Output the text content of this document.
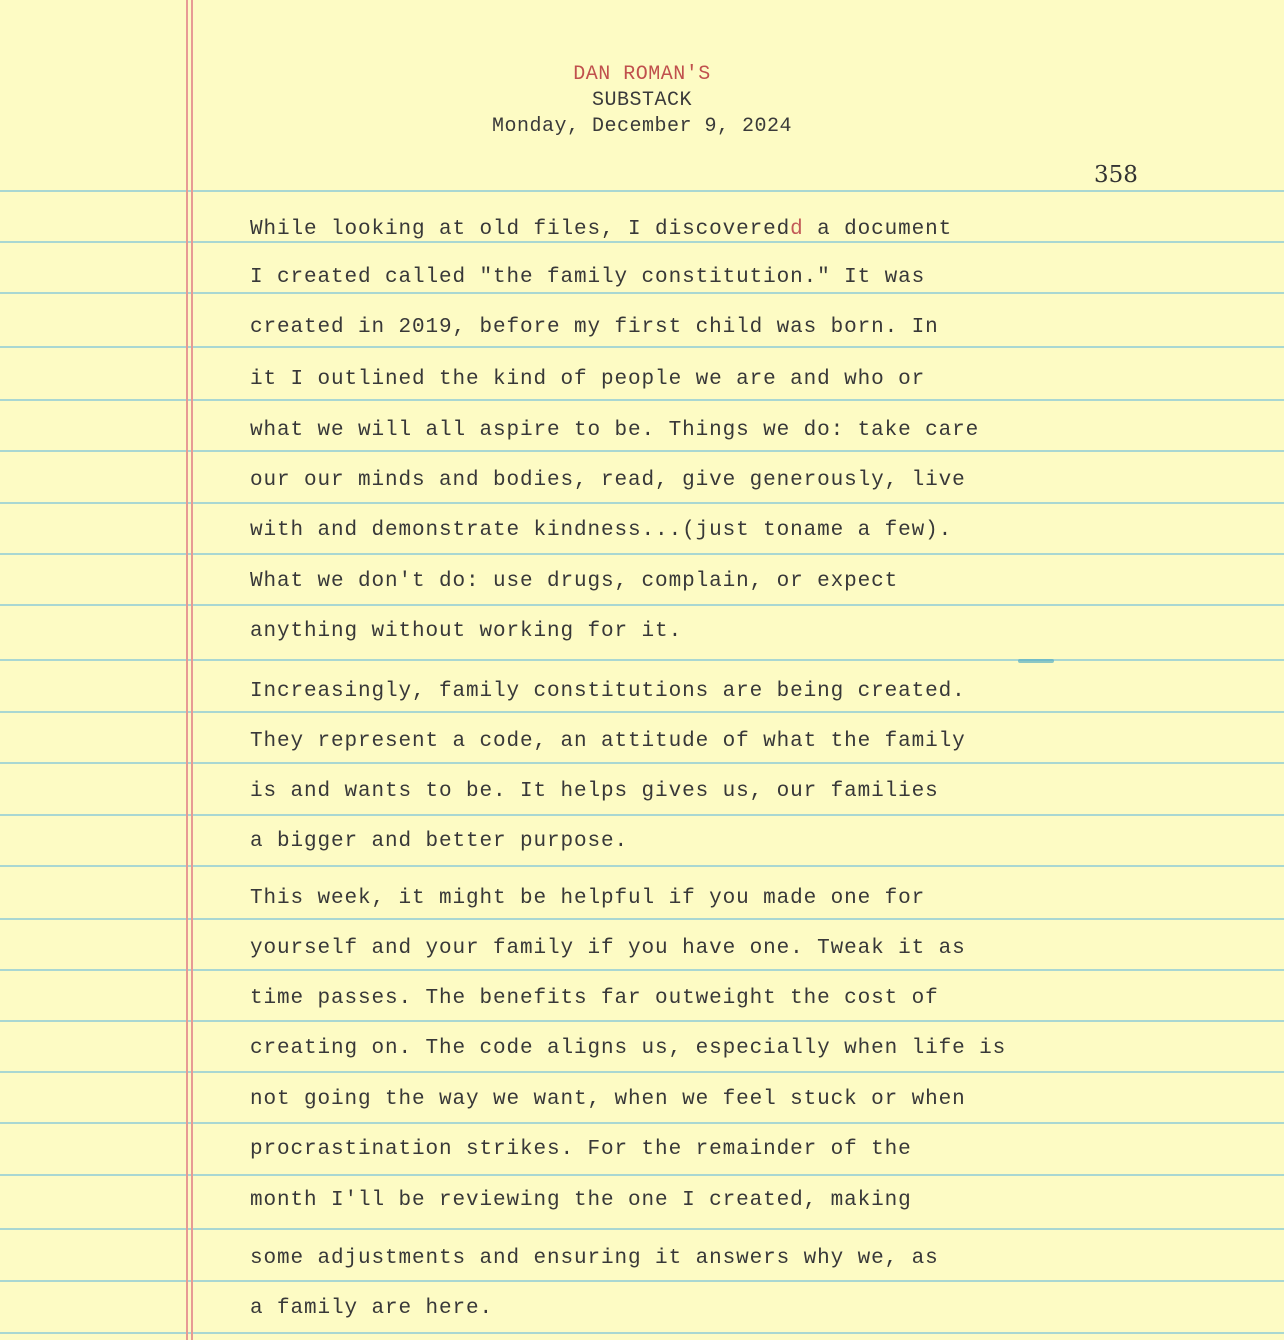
DAN ROMAN'S
SUBSTACK
Monday, December 9, 2024
358
While looking at old files, I discoveredd a document
I created called "the family constitution." It was
created in 2019, before my first child was born. In
it I outlined the kind of people we are and who or
what we will all aspire to be. Things we do: take care
our our minds and bodies, read, give generously, live
with and demonstrate kindness...(just toname a few).
What we don't do: use drugs, complain, or expect
anything without working for it.
Increasingly, family constitutions are being created.
They represent a code, an attitude of what the family
is and wants to be. It helps gives us, our families
a bigger and better purpose.
This week, it might be helpful if you made one for
yourself and your family if you have one. Tweak it as
time passes. The benefits far outweight the cost of
creating on. The code aligns us, especially when life is
not going the way we want, when we feel stuck or when
procrastination strikes. For the remainder of the
month I'll be reviewing the one I created, making
some adjustments and ensuring it answers why we, as
a family are here.
